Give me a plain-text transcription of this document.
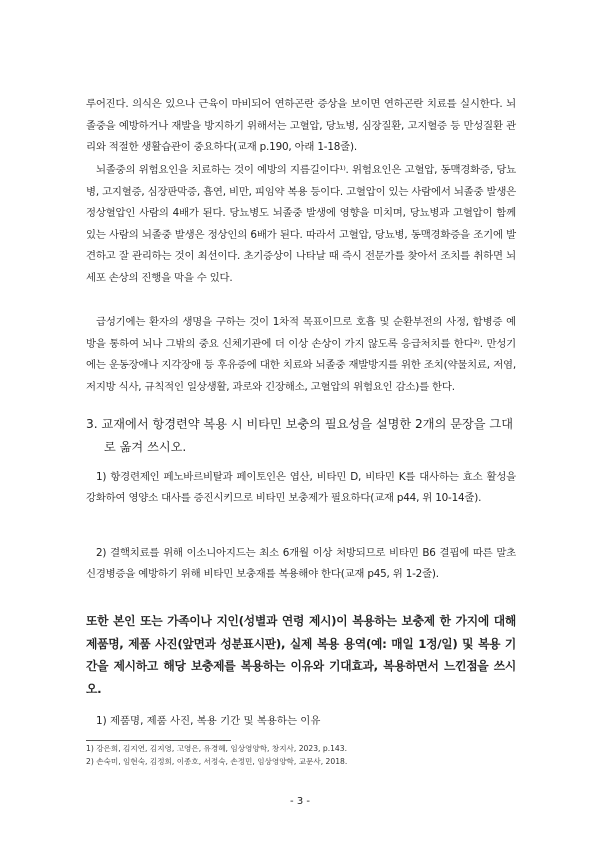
루어진다. 의식은 있으나 근육이 마비되어 연하곤란 증상을 보이면 연하곤란 치료를 실시한다. 뇌졸중을 예방하거나 재발을 방지하기 위해서는 고혈압, 당뇨병, 심장질환, 고지혈증 등 만성질환 관리와 적절한 생활습관이 중요하다(교재 p.190, 아래 1-18줄).

뇌졸중의 위험요인을 치료하는 것이 예방의 지름길이다¹⁾. 위험요인은 고혈압, 동맥경화증, 당뇨병, 고지혈증, 심장판막증, 흡연, 비만, 피임약 복용 등이다. 고혈압이 있는 사람에서 뇌졸중 발생은 정상혈압인 사람의 4배가 된다. 당뇨병도 뇌졸중 발생에 영향을 미치며, 당뇨병과 고혈압이 함께 있는 사람의 뇌졸중 발생은 정상인의 6배가 된다. 따라서 고혈압, 당뇨병, 동맥경화증을 조기에 발견하고 잘 관리하는 것이 최선이다. 초기증상이 나타날 때 즉시 전문가를 찾아서 조치를 취하면 뇌세포 손상의 진행을 막을 수 있다.

급성기에는 환자의 생명을 구하는 것이 1차적 목표이므로 호흡 및 순환부전의 사정, 합병증 예방을 통하여 뇌나 그밖의 중요 신체기관에 더 이상 손상이 가지 않도록 응급처치를 한다²⁾. 만성기에는 운동장애나 지각장애 등 후유증에 대한 치료와 뇌졸중 재발방지를 위한 조치(약물치료, 저염, 저지방 식사, 규칙적인 일상생활, 과로와 긴장해소, 고혈압의 위험요인 감소)를 한다.

3. 교재에서 항경련약 복용 시 비타민 보충의 필요성을 설명한 2개의 문장을 그대로 옮겨 쓰시오.

1) 항경련제인 페노바르비탈과 페이토인은 엽산, 비타민 D, 비타민 K를 대사하는 효소 활성을 강화하여 영양소 대사를 증진시키므로 비타민 보충제가 필요하다(교재 p44, 위 10-14줄).

2) 결핵치료를 위해 이소니아지드는 최소 6개월 이상 처방되므로 비타민 B6 결핍에 따른 말초신경병증을 예방하기 위해 비타민 보충재를 복용해야 한다(교재 p45, 위 1-2줄).

또한 본인 또는 가족이나 지인(성별과 연령 제시)이 복용하는 보충제 한 가지에 대해 제품명, 제품 사진(앞면과 성분표시판), 실제 복용 용역(예: 매일 1정/일) 및 복용 기간을 제시하고 해당 보충제를 복용하는 이유와 기대효과, 복용하면서 느낀점을 쓰시오.

1) 제품명, 제품 사진, 복용 기간 및 복용하는 이유

1) 강은희, 김지연, 김지영, 고영은, 유경혜, 임상영양학, 창지사, 2023, p.143.

2) 손숙미, 임현숙, 김정희, 이종호, 서정숙, 손정민, 임상영양학, 교문사, 2018.

- 3 -
